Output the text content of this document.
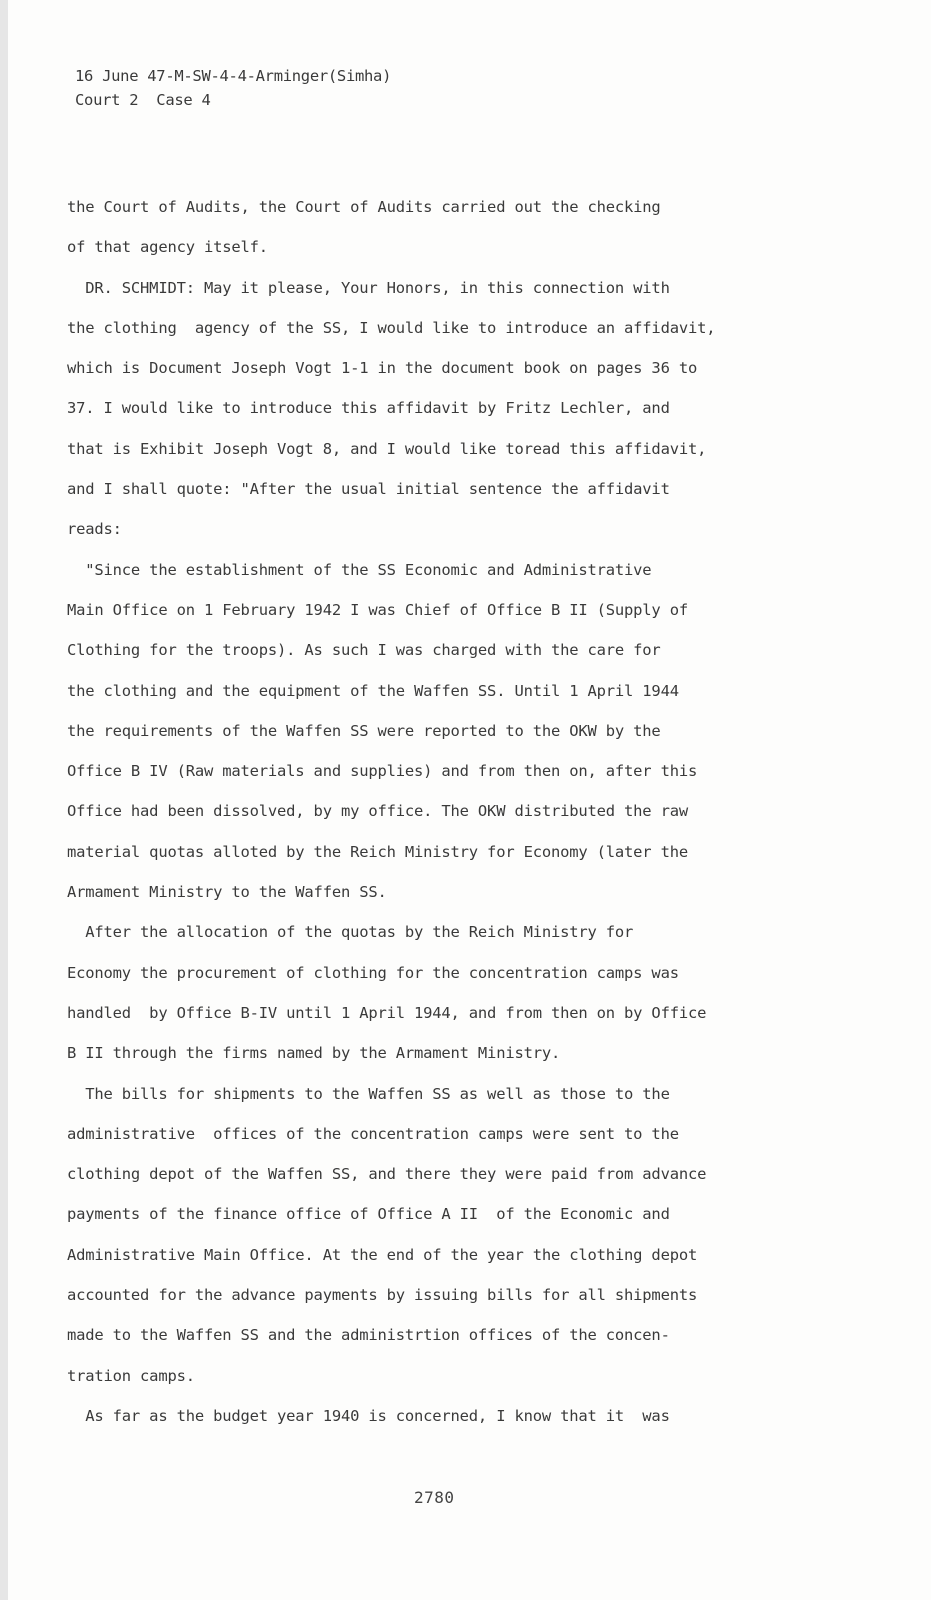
16 June 47-M-SW-4-4-Arminger(Simha)
Court 2  Case 4
the Court of Audits, the Court of Audits carried out the checking
of that agency itself.
DR. SCHMIDT: May it please, Your Honors, in this connection with
the clothing  agency of the SS, I would like to introduce an affidavit,
which is Document Joseph Vogt 1-1 in the document book on pages 36 to
37. I would like to introduce this affidavit by Fritz Lechler, and
that is Exhibit Joseph Vogt 8, and I would like toread this affidavit,
and I shall quote: "After the usual initial sentence the affidavit
reads:
"Since the establishment of the SS Economic and Administrative
Main Office on 1 February 1942 I was Chief of Office B II (Supply of
Clothing for the troops). As such I was charged with the care for
the clothing and the equipment of the Waffen SS. Until 1 April 1944
the requirements of the Waffen SS were reported to the OKW by the
Office B IV (Raw materials and supplies) and from then on, after this
Office had been dissolved, by my office. The OKW distributed the raw
material quotas alloted by the Reich Ministry for Economy (later the
Armament Ministry to the Waffen SS.
After the allocation of the quotas by the Reich Ministry for
Economy the procurement of clothing for the concentration camps was
handled  by Office B-IV until 1 April 1944, and from then on by Office
B II through the firms named by the Armament Ministry.
The bills for shipments to the Waffen SS as well as those to the
administrative  offices of the concentration camps were sent to the
clothing depot of the Waffen SS, and there they were paid from advance
payments of the finance office of Office A II  of the Economic and
Administrative Main Office. At the end of the year the clothing depot
accounted for the advance payments by issuing bills for all shipments
made to the Waffen SS and the administrtion offices of the concen-
tration camps.
As far as the budget year 1940 is concerned, I know that it  was
2780
